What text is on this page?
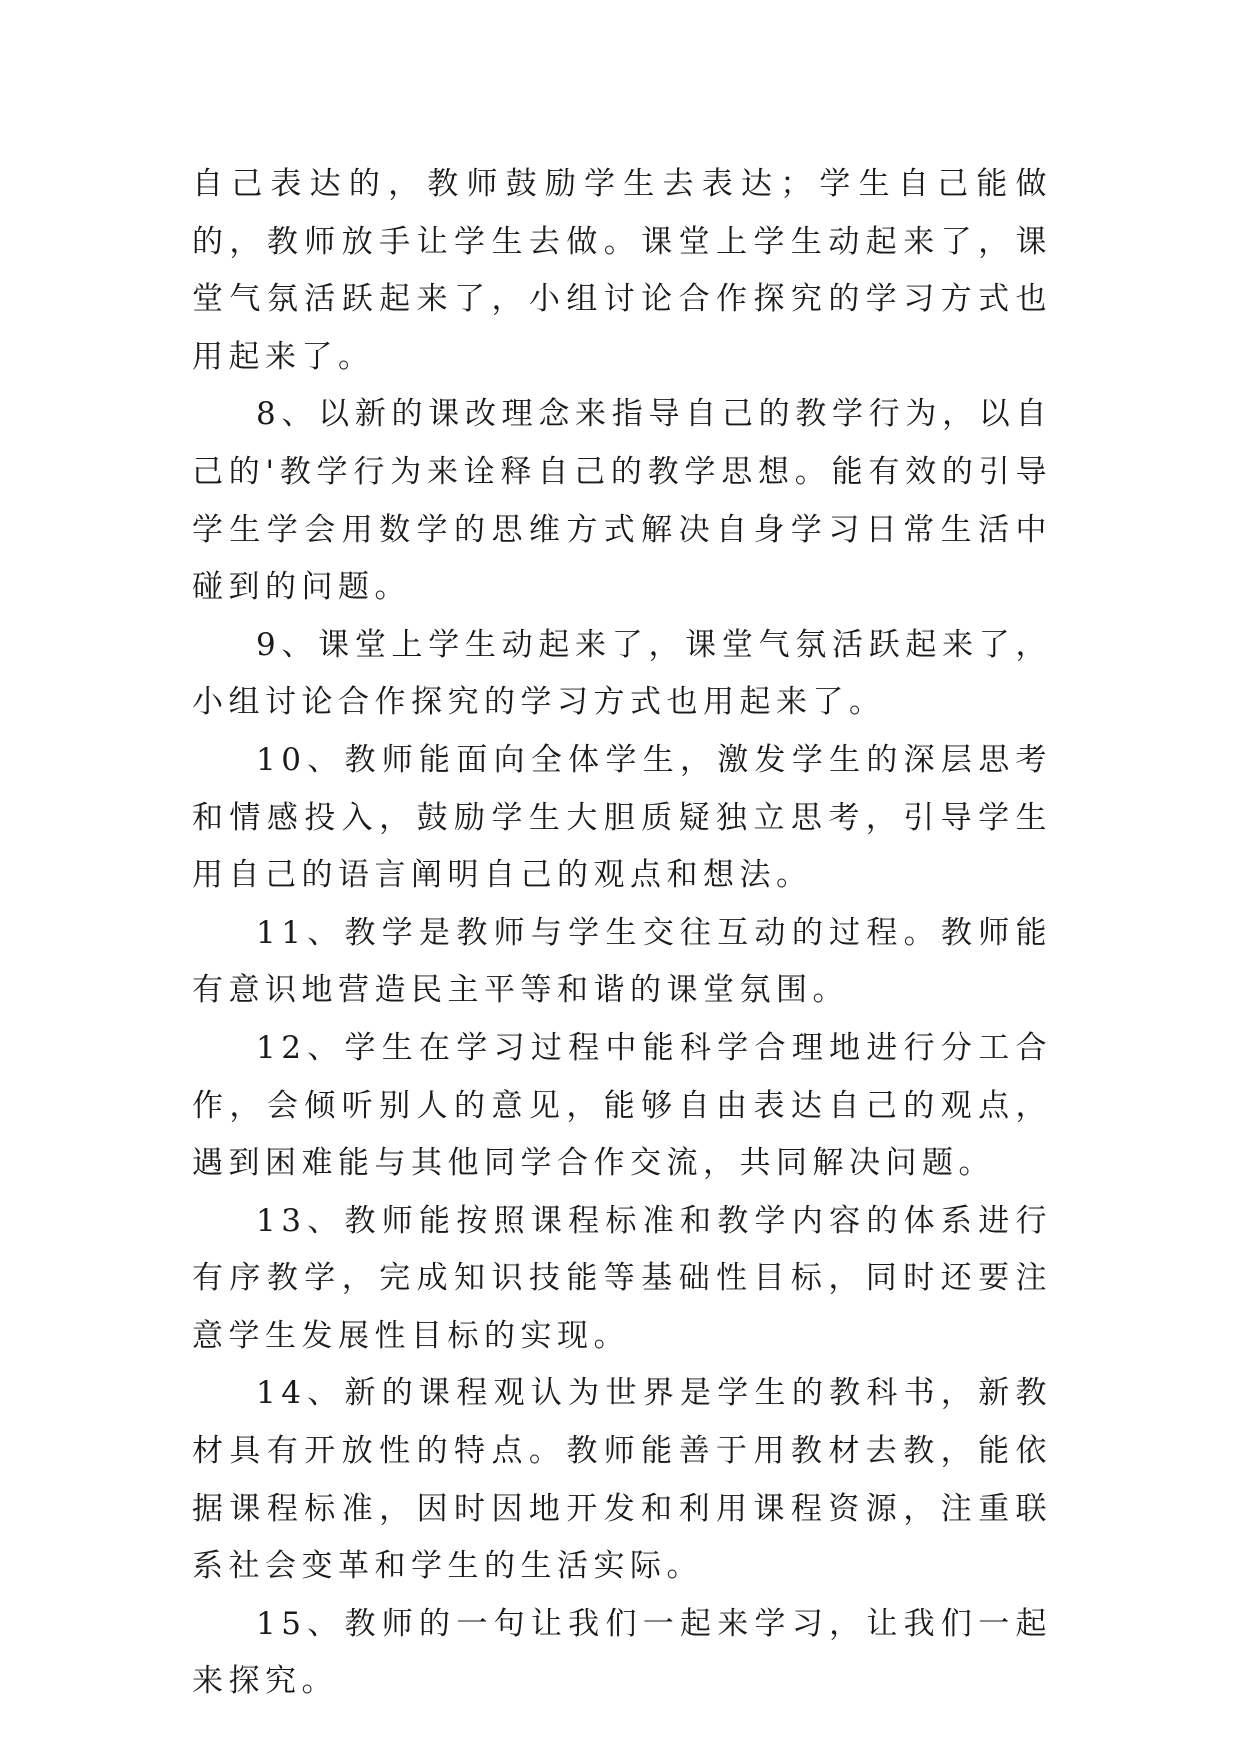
自己表达的，教师鼓励学生去表达；学生自己能做的，教师放手让学生去做。课堂上学生动起来了，课堂气氛活跃起来了，小组讨论合作探究的学习方式也用起来了。

8、以新的课改理念来指导自己的教学行为，以自己的'教学行为来诠释自己的教学思想。能有效的引导学生学会用数学的思维方式解决自身学习日常生活中碰到的问题。

9、课堂上学生动起来了，课堂气氛活跃起来了，小组讨论合作探究的学习方式也用起来了。

10、教师能面向全体学生，激发学生的深层思考和情感投入，鼓励学生大胆质疑独立思考，引导学生用自己的语言阐明自己的观点和想法。

11、教学是教师与学生交往互动的过程。教师能有意识地营造民主平等和谐的课堂氛围。

12、学生在学习过程中能科学合理地进行分工合作，会倾听别人的意见，能够自由表达自己的观点，遇到困难能与其他同学合作交流，共同解决问题。

13、教师能按照课程标准和教学内容的体系进行有序教学，完成知识技能等基础性目标，同时还要注意学生发展性目标的实现。

14、新的课程观认为世界是学生的教科书，新教材具有开放性的特点。教师能善于用教材去教，能依据课程标准，因时因地开发和利用课程资源，注重联系社会变革和学生的生活实际。

15、教师的一句让我们一起来学习，让我们一起来探究。
